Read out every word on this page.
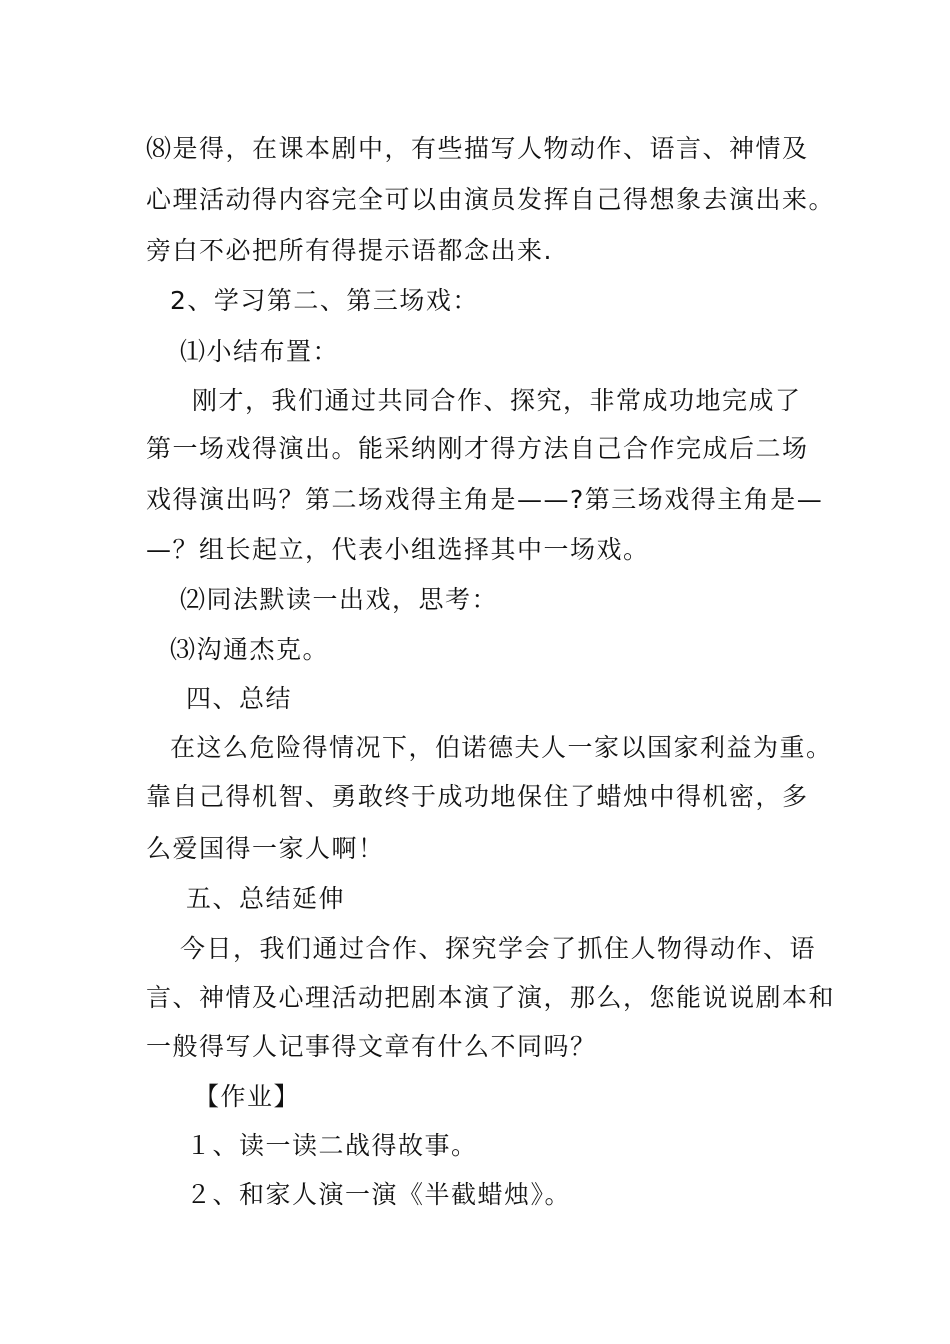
⑻是得，在课本剧中，有些描写人物动作、语言、神情及
心理活动得内容完全可以由演员发挥自己得想象去演出来。
旁白不必把所有得提示语都念出来.
2、学习第二、第三场戏：
⑴小结布置：
刚才，我们通过共同合作、探究，非常成功地完成了
第一场戏得演出。能采纳刚才得方法自己合作完成后二场
戏得演出吗？第二场戏得主角是——?第三场戏得主角是—
—？组长起立，代表小组选择其中一场戏。
⑵同法默读一出戏，思考：
⑶沟通杰克。
四、总结
在这么危险得情况下，伯诺德夫人一家以国家利益为重。
靠自己得机智、勇敢终于成功地保住了蜡烛中得机密，多
么爱国得一家人啊！
五、总结延伸
今日，我们通过合作、探究学会了抓住人物得动作、语
言、神情及心理活动把剧本演了演，那么，您能说说剧本和
一般得写人记事得文章有什么不同吗？
【作业】
１、读一读二战得故事。
２、和家人演一演《半截蜡烛》。
